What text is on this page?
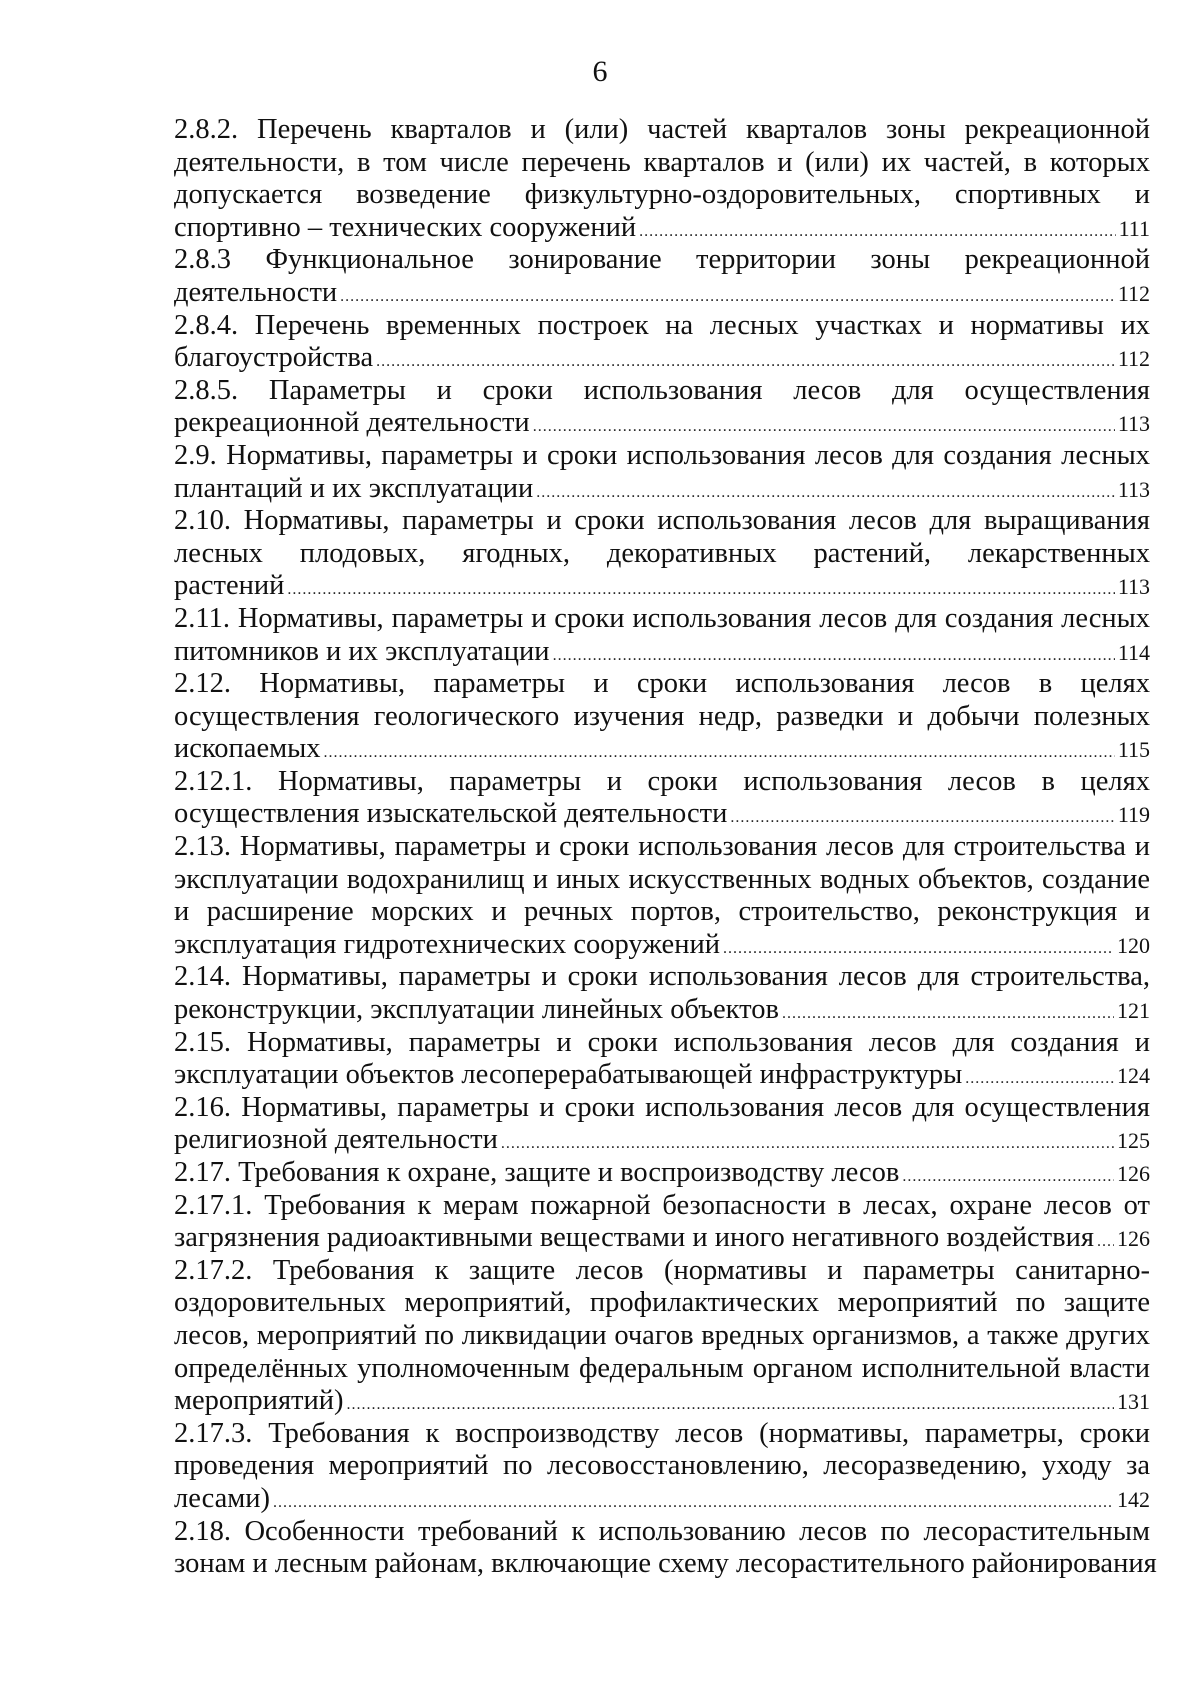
6
2.8.2. Перечень кварталов и (или) частей кварталов зоны рекреационной
деятельности, в том числе перечень кварталов и (или) их частей, в которых
допускается возведение физкультурно-оздоровительных, спортивных и
спортивно – технических сооружений .....	111
2.8.3 Функциональное зонирование территории зоны рекреационной
деятельности .....	112
2.8.4. Перечень временных построек на лесных участках и нормативы их
благоустройства .....	112
2.8.5. Параметры и сроки использования лесов для осуществления
рекреационной деятельности .....	113
2.9. Нормативы, параметры и сроки использования лесов для создания лесных
плантаций и их эксплуатации .....	113
2.10. Нормативы, параметры и сроки использования лесов для выращивания
лесных плодовых, ягодных, декоративных растений, лекарственных
растений .....	113
2.11. Нормативы, параметры и сроки использования лесов для создания лесных
питомников и их эксплуатации .....	114
2.12. Нормативы, параметры и сроки использования лесов в целях
осуществления геологического изучения недр, разведки и добычи полезных
ископаемых .....	115
2.12.1. Нормативы, параметры и сроки использования лесов в целях
осуществления изыскательской деятельности .....	119
2.13. Нормативы, параметры и сроки использования лесов для строительства и
эксплуатации водохранилищ и иных искусственных водных объектов, создание
и расширение морских и речных портов, строительство, реконструкция и
эксплуатация гидротехнических сооружений .....	120
2.14. Нормативы, параметры и сроки использования лесов для строительства,
реконструкции, эксплуатации линейных объектов .....	121
2.15. Нормативы, параметры и сроки использования лесов для создания и
эксплуатации объектов лесоперерабатывающей инфраструктуры .....	124
2.16. Нормативы, параметры и сроки использования лесов для осуществления
религиозной деятельности .....	125
2.17. Требования к охране, защите и воспроизводству лесов .....	126
2.17.1. Требования к мерам пожарной безопасности в лесах, охране лесов от
загрязнения радиоактивными веществами и иного негативного воздействия ..... 126
2.17.2. Требования к защите лесов (нормативы и параметры санитарно-
оздоровительных мероприятий, профилактических мероприятий по защите
лесов, мероприятий по ликвидации очагов вредных организмов, а также других
определённых уполномоченным федеральным органом исполнительной власти
мероприятий) .....	131
2.17.3. Требования к воспроизводству лесов (нормативы, параметры, сроки
проведения мероприятий по лесовосстановлению, лесоразведению, уходу за
лесами) .....	142
2.18. Особенности требований к использованию лесов по лесорастительным
зонам и лесным районам, включающие схему лесорастительного районирования
